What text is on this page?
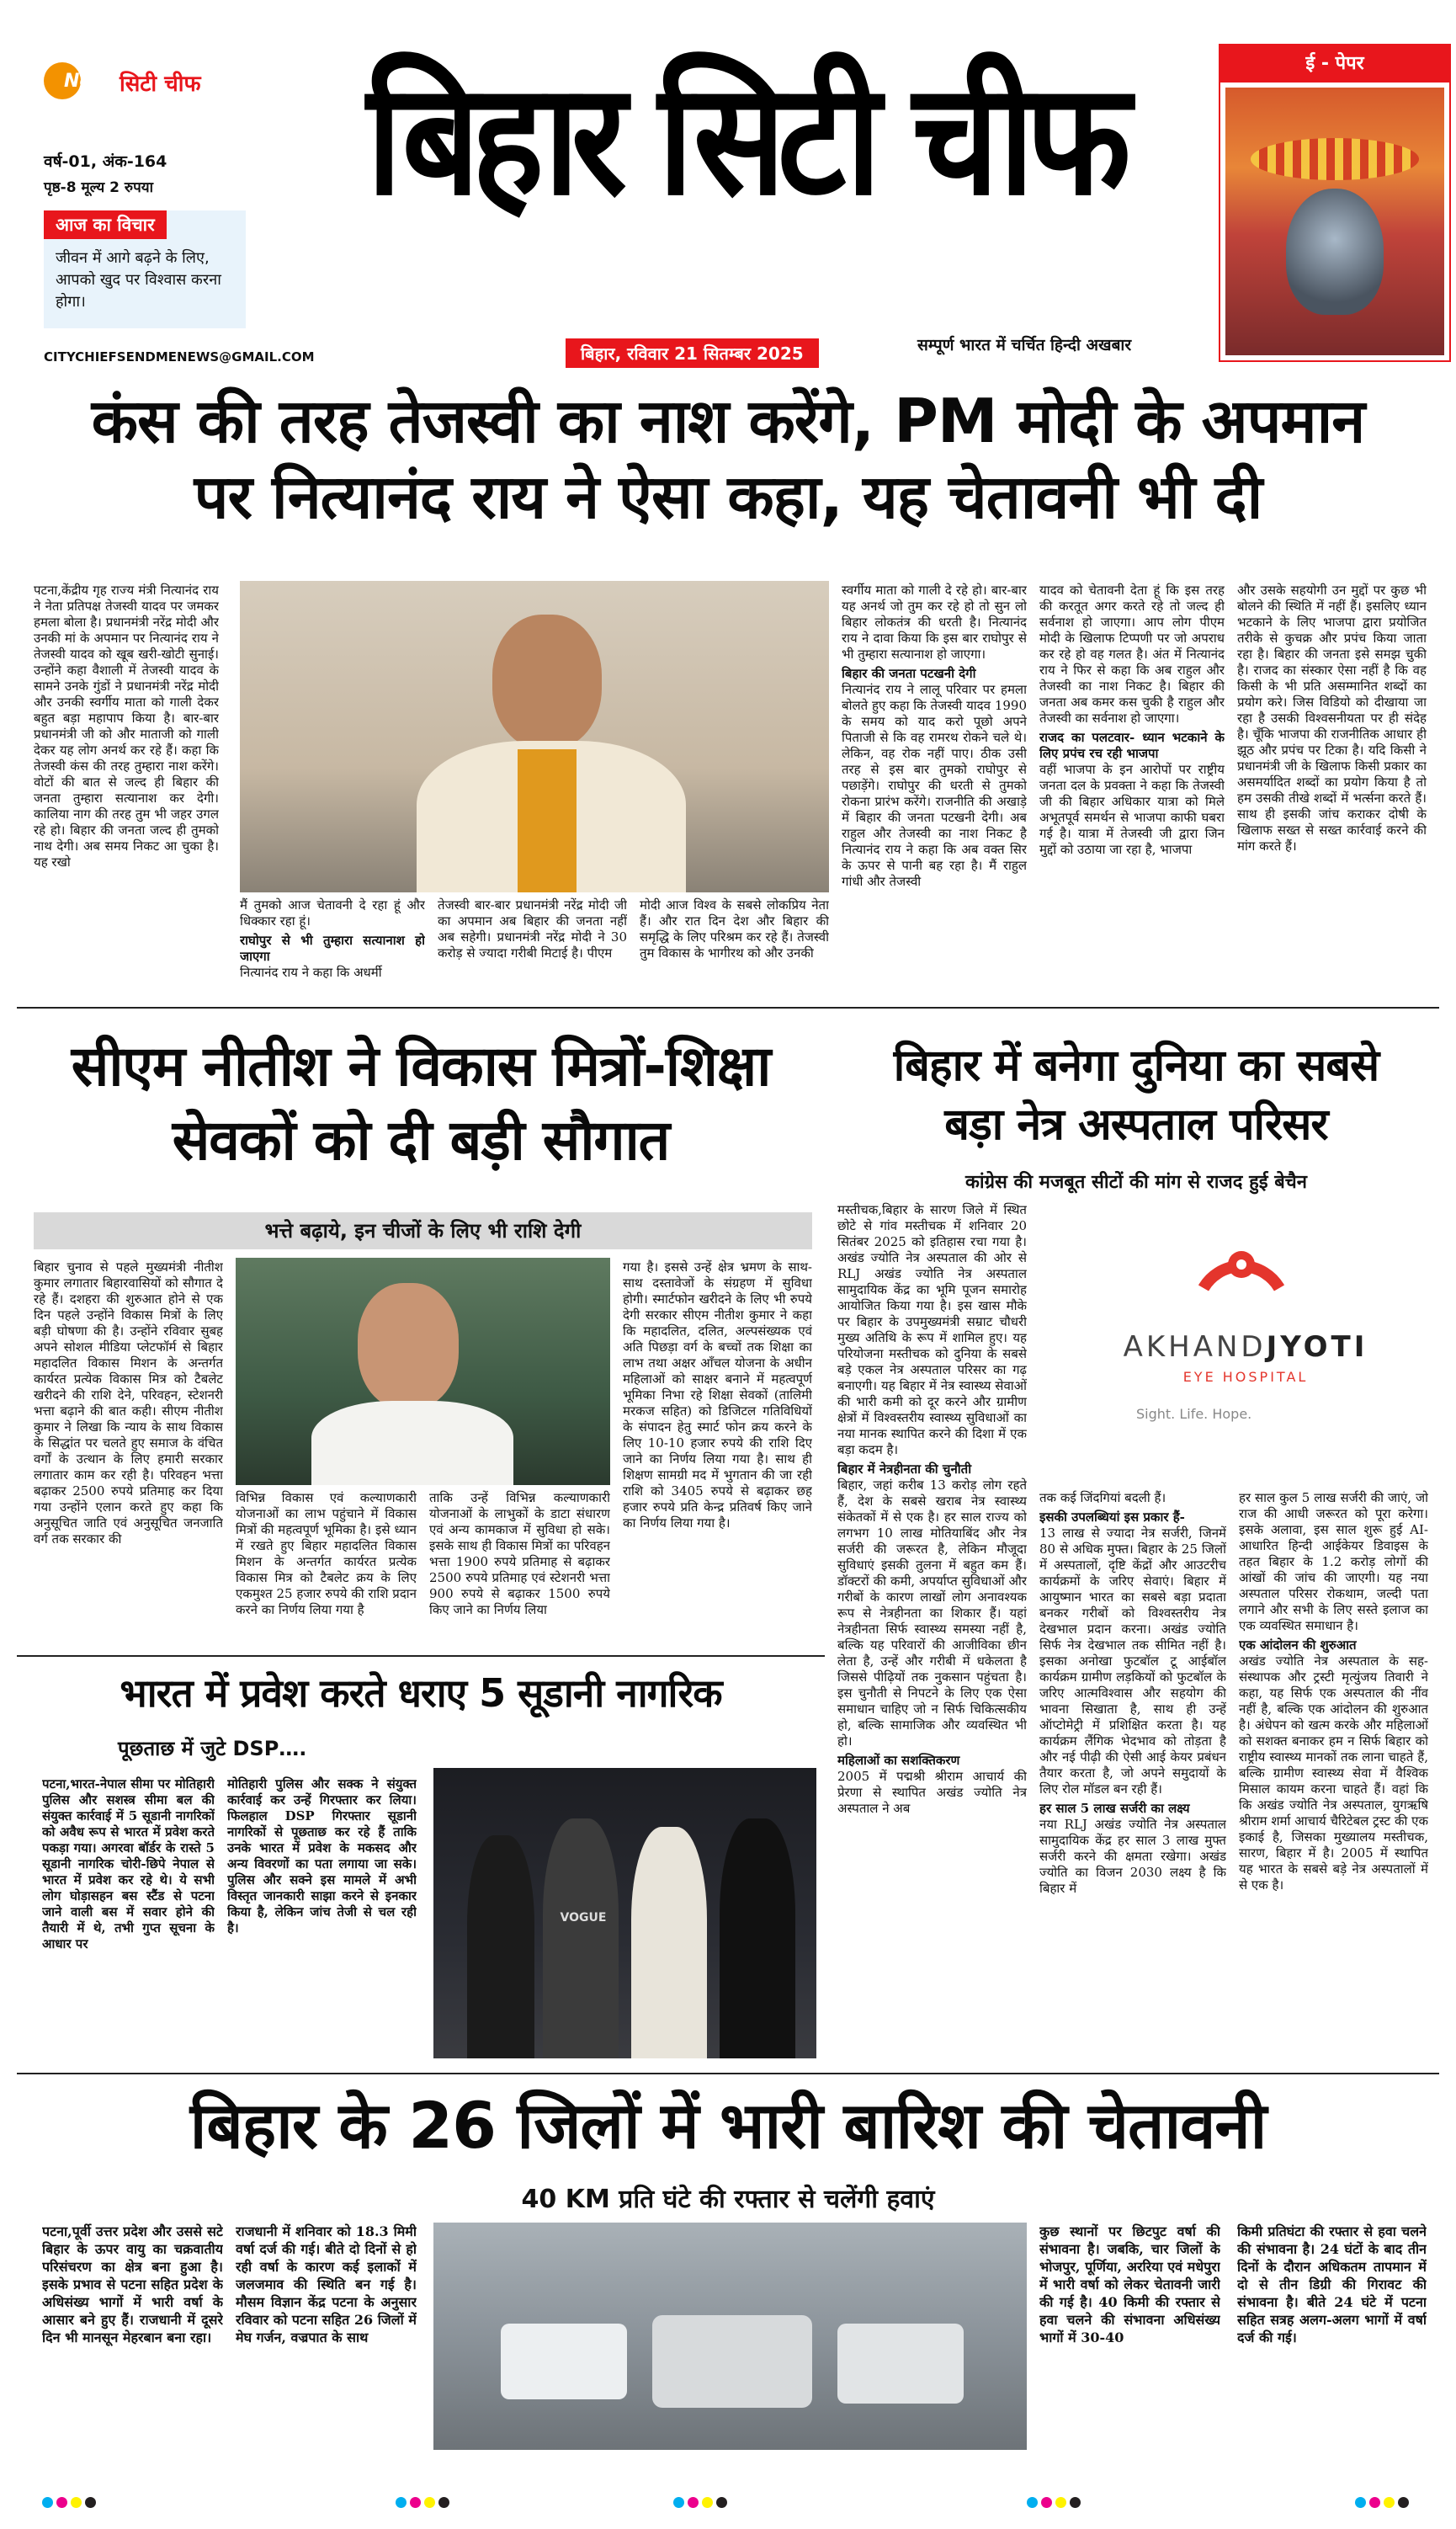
News सिटी चीफ
वर्ष-01, अंक-164
पृष्ठ-8 मूल्य 2 रुपया
आज का विचार
जीवन में आगे बढ़ने के लिए, आपको खुद पर विश्वास करना होगा।
CITYCHIEFSENDMENEWS@GMAIL.COM
बिहार सिटी चीफ
बिहार, रविवार 21 सितम्बर 2025	सम्पूर्ण भारत में चर्चित हिन्दी अखबार
ई - पेपर
कंस की तरह तेजस्वी का नाश करेंगे, PM मोदी के अपमान
पर नित्यानंद राय ने ऐसा कहा, यह चेतावनी भी दी

पटना,केंद्रीय गृह राज्य मंत्री नित्यानंद राय ने नेता प्रतिपक्ष तेजस्वी यादव पर जमकर हमला बोला है। प्रधानमंत्री नरेंद्र मोदी और उनकी मां के अपमान पर नित्यानंद राय ने तेजस्वी यादव को खूब खरी-खोटी सुनाई। उन्होंने कहा वैशाली में तेजस्वी यादव के सामने उनके गुंडों ने प्रधानमंत्री नरेंद्र मोदी और उनकी स्वर्गीय माता को गाली देकर बहुत बड़ा महापाप किया है। बार-बार प्रधानमंत्री जी को और माताजी को गाली देकर यह लोग अनर्थ कर रहे हैं। कहा कि तेजस्वी कंस की तरह तुम्हारा नाश करेंगे। वोटों की बात से जल्द ही बिहार की जनता तुम्हारा सत्यानाश कर देगी। कालिया नाग की तरह तुम भी जहर उगल रहे हो। बिहार की जनता जल्द ही तुमको नाथ देगी। अब समय निकट आ चुका है। यह रखो

मैं तुमको आज चेतावनी दे रहा हूं और धिक्कार रहा हूं।

राघोपुर से भी तुम्हारा सत्यानाश हो जाएगा

नित्यानंद राय ने कहा कि अधर्मी

तेजस्वी बार-बार प्रधानमंत्री नरेंद्र मोदी जी का अपमान अब बिहार की जनता नहीं अब सहेगी। प्रधानमंत्री नरेंद्र मोदी ने 30 करोड़ से ज्यादा गरीबी मिटाई है। पीएम

मोदी आज विश्व के सबसे लोकप्रिय नेता हैं। और रात दिन देश और बिहार की समृद्धि के लिए परिश्रम कर रहे हैं। तेजस्वी तुम विकास के भागीरथ को और उनकी

स्वर्गीय माता को गाली दे रहे हो। बार-बार यह अनर्थ जो तुम कर रहे हो तो सुन लो बिहार लोकतंत्र की धरती है। नित्यानंद राय ने दावा किया कि इस बार राघोपुर से भी तुम्हारा सत्यानाश हो जाएगा।

बिहार की जनता पटखनी देगी

नित्यानंद राय ने लालू परिवार पर हमला बोलते हुए कहा कि तेजस्वी यादव 1990 के समय को याद करो पूछो अपने पिताजी से कि वह रामरथ रोकने चले थे। लेकिन, वह रोक नहीं पाए। ठीक उसी तरह से इस बार तुमको राघोपुर से पछाड़ेंगे। राघोपुर की धरती से तुमको रोकना प्रारंभ करेंगे। राजनीति की अखाड़े में बिहार की जनता पटखनी देगी। अब राहुल और तेजस्वी का नाश निकट है नित्यानंद राय ने कहा कि अब वक्त सिर के ऊपर से पानी बह रहा है। मैं राहुल गांधी और तेजस्वी

यादव को चेतावनी देता हूं कि इस तरह की करतूत अगर करते रहे तो जल्द ही सर्वनाश हो जाएगा। आप लोग पीएम मोदी के खिलाफ टिप्पणी पर जो अपराध कर रहे हो वह गलत है। अंत में नित्यानंद राय ने फिर से कहा कि अब राहुल और तेजस्वी का नाश निकट है। बिहार की जनता अब कमर कस चुकी है राहुल और तेजस्वी का सर्वनाश हो जाएगा।

राजद का पलटवार- ध्यान भटकाने के लिए प्रपंच रच रही भाजपा

वहीं भाजपा के इन आरोपों पर राष्ट्रीय जनता दल के प्रवक्ता ने कहा कि तेजस्वी जी की बिहार अधिकार यात्रा को मिले अभूतपूर्व समर्थन से भाजपा काफी घबरा गई है। यात्रा में तेजस्वी जी द्वारा जिन मुद्दों को उठाया जा रहा है, भाजपा

और उसके सहयोगी उन मुद्दों पर कुछ भी बोलने की स्थिति में नहीं हैं। इसलिए ध्यान भटकाने के लिए भाजपा द्वारा प्रयोजित तरीके से कुचक्र और प्रपंच किया जाता रहा है। बिहार की जनता इसे समझ चुकी है। राजद का संस्कार ऐसा नहीं है कि वह किसी के भी प्रति असम्मानित शब्दों का प्रयोग करे। जिस विडियो को दीखाया जा रहा है उसकी विश्वसनीयता पर ही संदेह है। चूँकि भाजपा की राजनीतिक आधार ही झूठ और प्रपंच पर टिका है। यदि किसी ने प्रधानमंत्री जी के खिलाफ किसी प्रकार का असमर्यादित शब्दों का प्रयोग किया है तो हम उसकी तीखे शब्दों में भर्त्सना करते हैं। साथ ही इसकी जांच कराकर दोषी के खिलाफ सख्त से सख्त कार्रवाई करने की मांग करते हैं।

सीएम नीतीश ने विकास मित्रों-शिक्षा
सेवकों को दी बड़ी सौगात
भत्ते बढ़ाये, इन चीजों के लिए भी राशि देगी

बिहार चुनाव से पहले मुख्यमंत्री नीतीश कुमार लगातार बिहारवासियों को सौगात दे रहे हैं। दशहरा की शुरुआत होने से एक दिन पहले उन्होंने विकास मित्रों के लिए बड़ी घोषणा की है। उन्होंने रविवार सुबह अपने सोशल मीडिया प्लेटफॉर्म से बिहार महादलित विकास मिशन के अन्तर्गत कार्यरत प्रत्येक विकास मित्र को टैबलेट खरीदने की राशि देने, परिवहन, स्टेशनरी भत्ता बढ़ाने की बात कही। सीएम नीतीश कुमार ने लिखा कि न्याय के साथ विकास के सिद्धांत पर चलते हुए समाज के वंचित वर्गों के उत्थान के लिए हमारी सरकार लगातार काम कर रही है। परिवहन भत्ता बढ़ाकर 2500 रुपये प्रतिमाह कर दिया गया उन्होंने एलान करते हुए कहा कि अनुसूचित जाति एवं अनुसूचित जनजाति वर्ग तक सरकार की

विभिन्न विकास एवं कल्याणकारी योजनाओं का लाभ पहुंचाने में विकास मित्रों की महत्वपूर्ण भूमिका है। इसे ध्यान में रखते हुए बिहार महादलित विकास मिशन के अन्तर्गत कार्यरत प्रत्येक विकास मित्र को टैबलेट क्रय के लिए एकमुश्त 25 हजार रुपये की राशि प्रदान करने का निर्णय लिया गया है

ताकि उन्हें विभिन्न कल्याणकारी योजनाओं के लाभुकों के डाटा संधारण एवं अन्य कामकाज में सुविधा हो सके। इसके साथ ही विकास मित्रों का परिवहन भत्ता 1900 रुपये प्रतिमाह से बढ़ाकर 2500 रुपये प्रतिमाह एवं स्टेशनरी भत्ता 900 रुपये से बढ़ाकर 1500 रुपये किए जाने का निर्णय लिया

गया है। इससे उन्हें क्षेत्र भ्रमण के साथ-साथ दस्तावेजों के संग्रहण में सुविधा होगी। स्मार्टफोन खरीदने के लिए भी रुपये देगी सरकार सीएम नीतीश कुमार ने कहा कि महादलित, दलित, अल्पसंख्यक एवं अति पिछड़ा वर्ग के बच्चों तक शिक्षा का लाभ तथा अक्षर आँचल योजना के अधीन महिलाओं को साक्षर बनाने में महत्वपूर्ण भूमिका निभा रहे शिक्षा सेवकों (तालिमी मरकज सहित) को डिजिटल गतिविधियों के संपादन हेतु स्मार्ट फोन क्रय करने के लिए 10-10 हजार रुपये की राशि दिए जाने का निर्णय लिया गया है। साथ ही शिक्षण सामग्री मद में भुगतान की जा रही राशि को 3405 रुपये से बढ़ाकर छह हजार रुपये प्रति केन्द्र प्रतिवर्ष किए जाने का निर्णय लिया गया है।

भारत में प्रवेश करते धराए 5 सूडानी नागरिक
पूछताछ में जुटे DSP….

पटना,भारत-नेपाल सीमा पर मोतिहारी पुलिस और सशस्त्र सीमा बल की संयुक्त कार्रवाई में 5 सूडानी नागरिकों को अवैध रूप से भारत में प्रवेश करते पकड़ा गया। अगरवा बॉर्डर के रास्ते 5 सूडानी नागरिक चोरी-छिपे नेपाल से भारत में प्रवेश कर रहे थे। ये सभी लोग घोड़ासहन बस स्टैंड से पटना जाने वाली बस में सवार होने की तैयारी में थे, तभी गुप्त सूचना के आधार पर

मोतिहारी पुलिस और सक्क ने संयुक्त कार्रवाई कर उन्हें गिरफ्तार कर लिया। फिलहाल DSP गिरफ्तार सूडानी नागरिकों से पूछताछ कर रहे हैं ताकि उनके भारत में प्रवेश के मकसद और अन्य विवरणों का पता लगाया जा सके। पुलिस और सक्ने इस मामले में अभी विस्तृत जानकारी साझा करने से इनकार किया है, लेकिन जांच तेजी से चल रही है।

VOGUE
बिहार में बनेगा दुनिया का सबसे
बड़ा नेत्र अस्पताल परिसर
कांग्रेस की मजबूत सीटों की मांग से राजद हुई बेचैन

मस्तीचक,बिहार के सारण जिले में स्थित छोटे से गांव मस्तीचक में शनिवार 20 सितंबर 2025 को इतिहास रचा गया है। अखंड ज्योति नेत्र अस्पताल की ओर से RLJ अखंड ज्योति नेत्र अस्पताल सामुदायिक केंद्र का भूमि पूजन समारोह आयोजित किया गया है। इस खास मौके पर बिहार के उपमुख्यमंत्री सम्राट चौधरी मुख्य अतिथि के रूप में शामिल हुए। यह परियोजना मस्तीचक को दुनिया के सबसे बड़े एकल नेत्र अस्पताल परिसर का गढ़ बनाएगी। यह बिहार में नेत्र स्वास्थ्य सेवाओं की भारी कमी को दूर करने और ग्रामीण क्षेत्रों में विश्वस्तरीय स्वास्थ्य सुविधाओं का नया मानक स्थापित करने की दिशा में एक बड़ा कदम है।

बिहार में नेत्रहीनता की चुनौती

बिहार, जहां करीब 13 करोड़ लोग रहते हैं, देश के सबसे खराब नेत्र स्वास्थ्य संकेतकों में से एक है। हर साल राज्य को लगभग 10 लाख मोतियाबिंद और नेत्र सर्जरी की जरूरत है, लेकिन मौजूदा सुविधाएं इसकी तुलना में बहुत कम हैं। डॉक्टरों की कमी, अपर्याप्त सुविधाओं और गरीबों के कारण लाखों लोग अनावश्यक रूप से नेत्रहीनता का शिकार हैं। यहां नेत्रहीनता सिर्फ स्वास्थ्य समस्या नहीं है, बल्कि यह परिवारों की आजीविका छीन लेता है, उन्हें और गरीबी में धकेलता है जिससे पीढ़ियों तक नुकसान पहुंचता है। इस चुनौती से निपटने के लिए एक ऐसा समाधान चाहिए जो न सिर्फ चिकित्सकीय हो, बल्कि सामाजिक और व्यवस्थित भी हो।

महिलाओं का सशक्तिकरण

2005 में पद्मश्री श्रीराम आचार्य की प्रेरणा से स्थापित अखंड ज्योति नेत्र अस्पताल ने अब

AKHANDJYOTI
EYE HOSPITAL
Sight. Life. Hope.

तक कई जिंदगियां बदली हैं।

इसकी उपलब्धियां इस प्रकार हैं-

13 लाख से ज्यादा नेत्र सर्जरी, जिनमें 80 से अधिक मुफ्त। बिहार के 25 जिलों में अस्पतालों, दृष्टि केंद्रों और आउटरीच कार्यक्रमों के जरिए सेवाएं। बिहार में आयुष्मान भारत का सबसे बड़ा प्रदाता बनकर गरीबों को विश्वस्तरीय नेत्र देखभाल प्रदान करना। अखंड ज्योति सिर्फ नेत्र देखभाल तक सीमित नहीं है। इसका अनोखा फुटबॉल टू आईबॉल कार्यक्रम ग्रामीण लड़कियों को फुटबॉल के जरिए आत्मविश्वास और सहयोग की भावना सिखाता है, साथ ही उन्हें ऑप्टोमेट्री में प्रशिक्षित करता है। यह कार्यक्रम लैंगिक भेदभाव को तोड़ता है और नई पीढ़ी की ऐसी आई केयर प्रबंधन तैयार करता है, जो अपने समुदायों के लिए रोल मॉडल बन रही हैं।

हर साल 5 लाख सर्जरी का लक्ष्य

नया RLJ अखंड ज्योति नेत्र अस्पताल सामुदायिक केंद्र हर साल 3 लाख मुफ्त सर्जरी करने की क्षमता रखेगा। अखंड ज्योति का विजन 2030 लक्ष्य है कि बिहार में

हर साल कुल 5 लाख सर्जरी की जाएं, जो राज की आधी जरूरत को पूरा करेगा। इसके अलावा, इस साल शुरू हुई AI-आधारित हिन्दी आईकेयर डिवाइस के तहत बिहार के 1.2 करोड़ लोगों की आंखों की जांच की जाएगी। यह नया अस्पताल परिसर रोकथाम, जल्दी पता लगाने और सभी के लिए सस्ते इलाज का एक व्यवस्थित समाधान है।

एक आंदोलन की शुरुआत

अखंड ज्योति नेत्र अस्पताल के सह-संस्थापक और ट्रस्टी मृत्युंजय तिवारी ने कहा, यह सिर्फ एक अस्पताल की नींव नहीं है, बल्कि एक आंदोलन की शुरुआत है। अंधेपन को खत्म करके और महिलाओं को सशक्त बनाकर हम न सिर्फ बिहार को राष्ट्रीय स्वास्थ्य मानकों तक लाना चाहते हैं, बल्कि ग्रामीण स्वास्थ्य सेवा में वैश्विक मिसाल कायम करना चाहते हैं। वहां कि कि अखंड ज्योति नेत्र अस्पताल, युगऋषि श्रीराम शर्मा आचार्य चैरिटेबल ट्रस्ट की एक इकाई है, जिसका मुख्यालय मस्तीचक, सारण, बिहार में है। 2005 में स्थापित यह भारत के सबसे बड़े नेत्र अस्पतालों में से एक है।

बिहार के 26 जिलों में भारी बारिश की चेतावनी
40 KM प्रति घंटे की रफ्तार से चलेंगी हवाएं

पटना,पूर्वी उत्तर प्रदेश और उससे सटे बिहार के ऊपर वायु का चक्रवातीय परिसंचरण का क्षेत्र बना हुआ है। इसके प्रभाव से पटना सहित प्रदेश के अधिसंख्य भागों में भारी वर्षा के आसार बने हुए हैं। राजधानी में दूसरे दिन भी मानसून मेहरबान बना रहा।

राजधानी में शनिवार को 18.3 मिमी वर्षा दर्ज की गई। बीते दो दिनों से हो रही वर्षा के कारण कई इलाकों में जलजमाव की स्थिति बन गई है। मौसम विज्ञान केंद्र पटना के अनुसार रविवार को पटना सहित 26 जिलों में मेघ गर्जन, वज्रपात के साथ

कुछ स्थानों पर छिटपुट वर्षा की संभावना है। जबकि, चार जिलों के भोजपुर, पूर्णिया, अररिया एवं मधेपुरा में भारी वर्षा को लेकर चेतावनी जारी की गई है। 40 किमी की रफ्तार से हवा चलने की संभावना अधिसंख्य भागों में 30-40

किमी प्रतिघंटा की रफ्तार से हवा चलने की संभावना है। 24 घंटों के बाद तीन दिनों के दौरान अधिकतम तापमान में दो से तीन डिग्री की गिरावट की संभावना है। बीते 24 घंटे में पटना सहित सत्रह अलग-अलग भागों में वर्षा दर्ज की गई।
